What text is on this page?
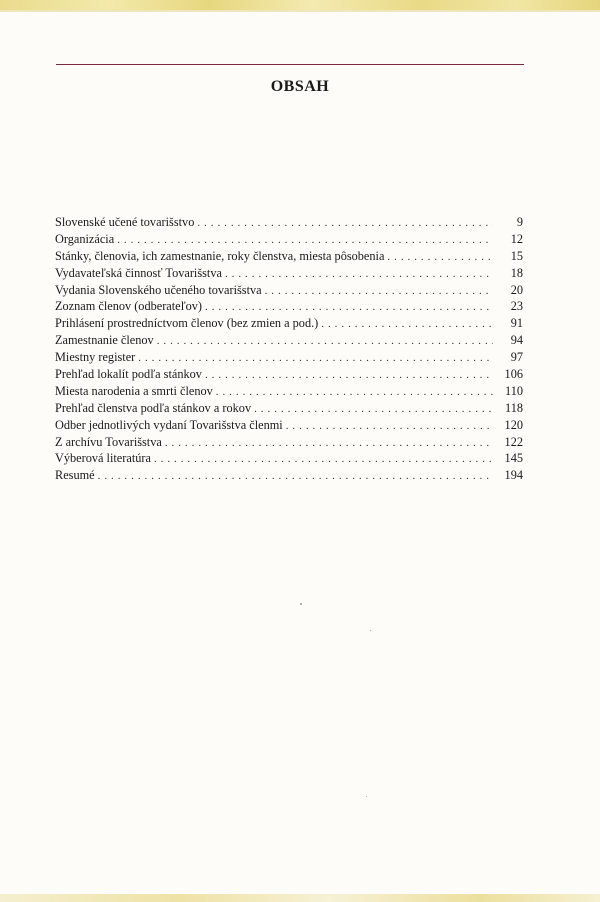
OBSAH
Slovenské učené tovarišstvo . . .	9
Organizácia . . .	12
Stánky, členovia, ich zamestnanie, roky členstva, miesta pôsobenia . . .	15
Vydavateľská činnosť Tovarišstva . . .	18
Vydania Slovenského učeného tovarišstva . . .	20
Zoznam členov (odberateľov) . . .	23
Prihlásení prostredníctvom členov (bez zmien a pod.) . . .	91
Zamestnanie členov . . .	94
Miestny register . . .	97
Prehľad lokalít podľa stánkov . . .	106
Miesta narodenia a smrti členov . . .	110
Prehľad členstva podľa stánkov a rokov . . .	118
Odber jednotlivých vydaní Tovarišstva členmi . . .	120
Z archívu Tovarišstva . . .	122
Výberová literatúra . . .	145
Resumé . . .	194
